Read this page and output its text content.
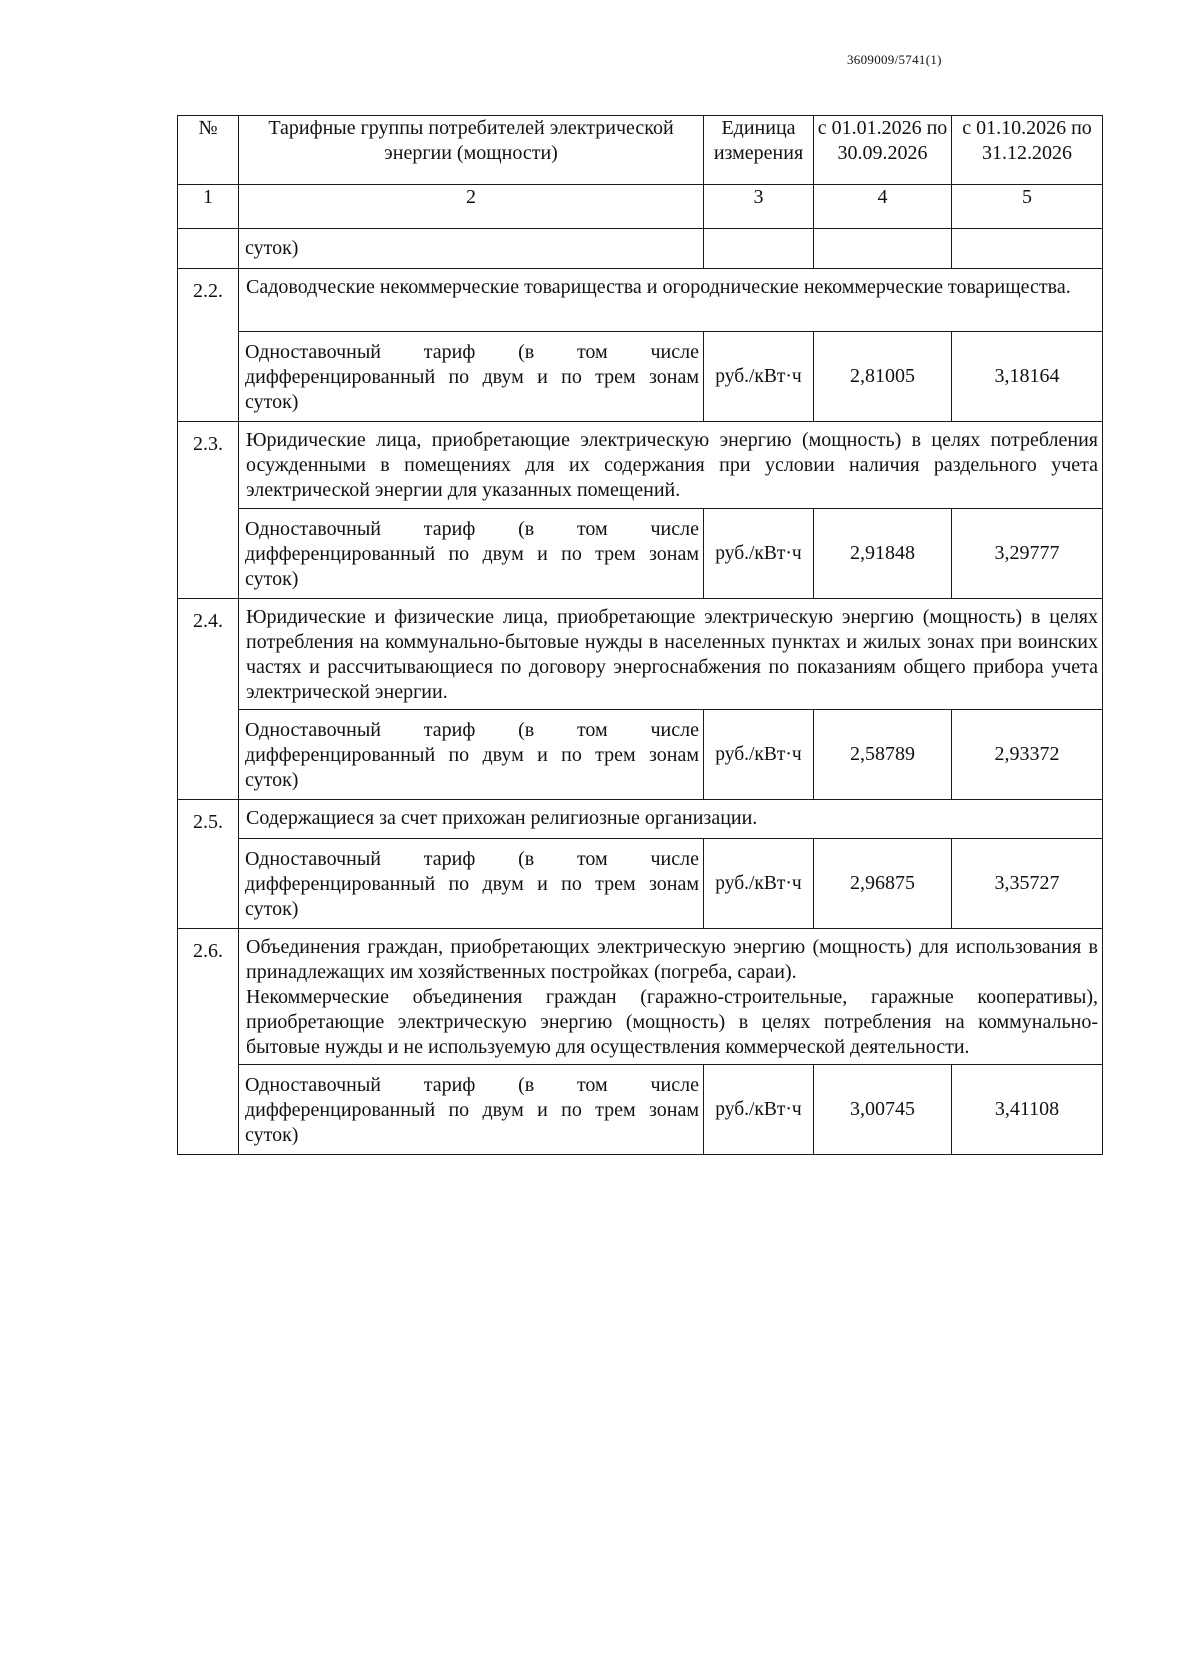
3609009/5741(1)
№	Тарифные группы потребителей электрической энергии (мощности)	Единица измерения	с 01.01.2026 по 30.09.2026	с 01.10.2026 по 31.12.2026
1	2	3	4	5
	суток)			
2.2.	Садоводческие некоммерческие товарищества и огороднические некоммерческие товарищества.			
	Одноставочный тариф (в том числе дифференцированный по двум и по трем зонам суток)	руб./кВт·ч	2,81005	3,18164
2.3.	Юридические лица, приобретающие электрическую энергию (мощность) в целях потребления осужденными в помещениях для их содержания при условии наличия раздельного учета электрической энергии для указанных помещений.			
	Одноставочный тариф (в том числе дифференцированный по двум и по трем зонам суток)	руб./кВт·ч	2,91848	3,29777
2.4.	Юридические и физические лица, приобретающие электрическую энергию (мощность) в целях потребления на коммунально-бытовые нужды в населенных пунктах и жилых зонах при воинских частях и рассчитывающиеся по договору энергоснабжения по показаниям общего прибора учета электрической энергии.			
	Одноставочный тариф (в том числе дифференцированный по двум и по трем зонам суток)	руб./кВт·ч	2,58789	2,93372
2.5.	Содержащиеся за счет прихожан религиозные организации.			
	Одноставочный тариф (в том числе дифференцированный по двум и по трем зонам суток)	руб./кВт·ч	2,96875	3,35727
2.6.	Объединения граждан, приобретающих электрическую энергию (мощность) для использования в принадлежащих им хозяйственных постройках (погреба, сараи).
Некоммерческие объединения граждан (гаражно-строительные, гаражные кооперативы), приобретающие электрическую энергию (мощность) в целях потребления на коммунально-бытовые нужды и не используемую для осуществления коммерческой деятельности.			

	Одноставочный тариф (в том числе дифференцированный по двум и по трем зонам суток)	руб./кВт·ч	3,00745	3,41108
